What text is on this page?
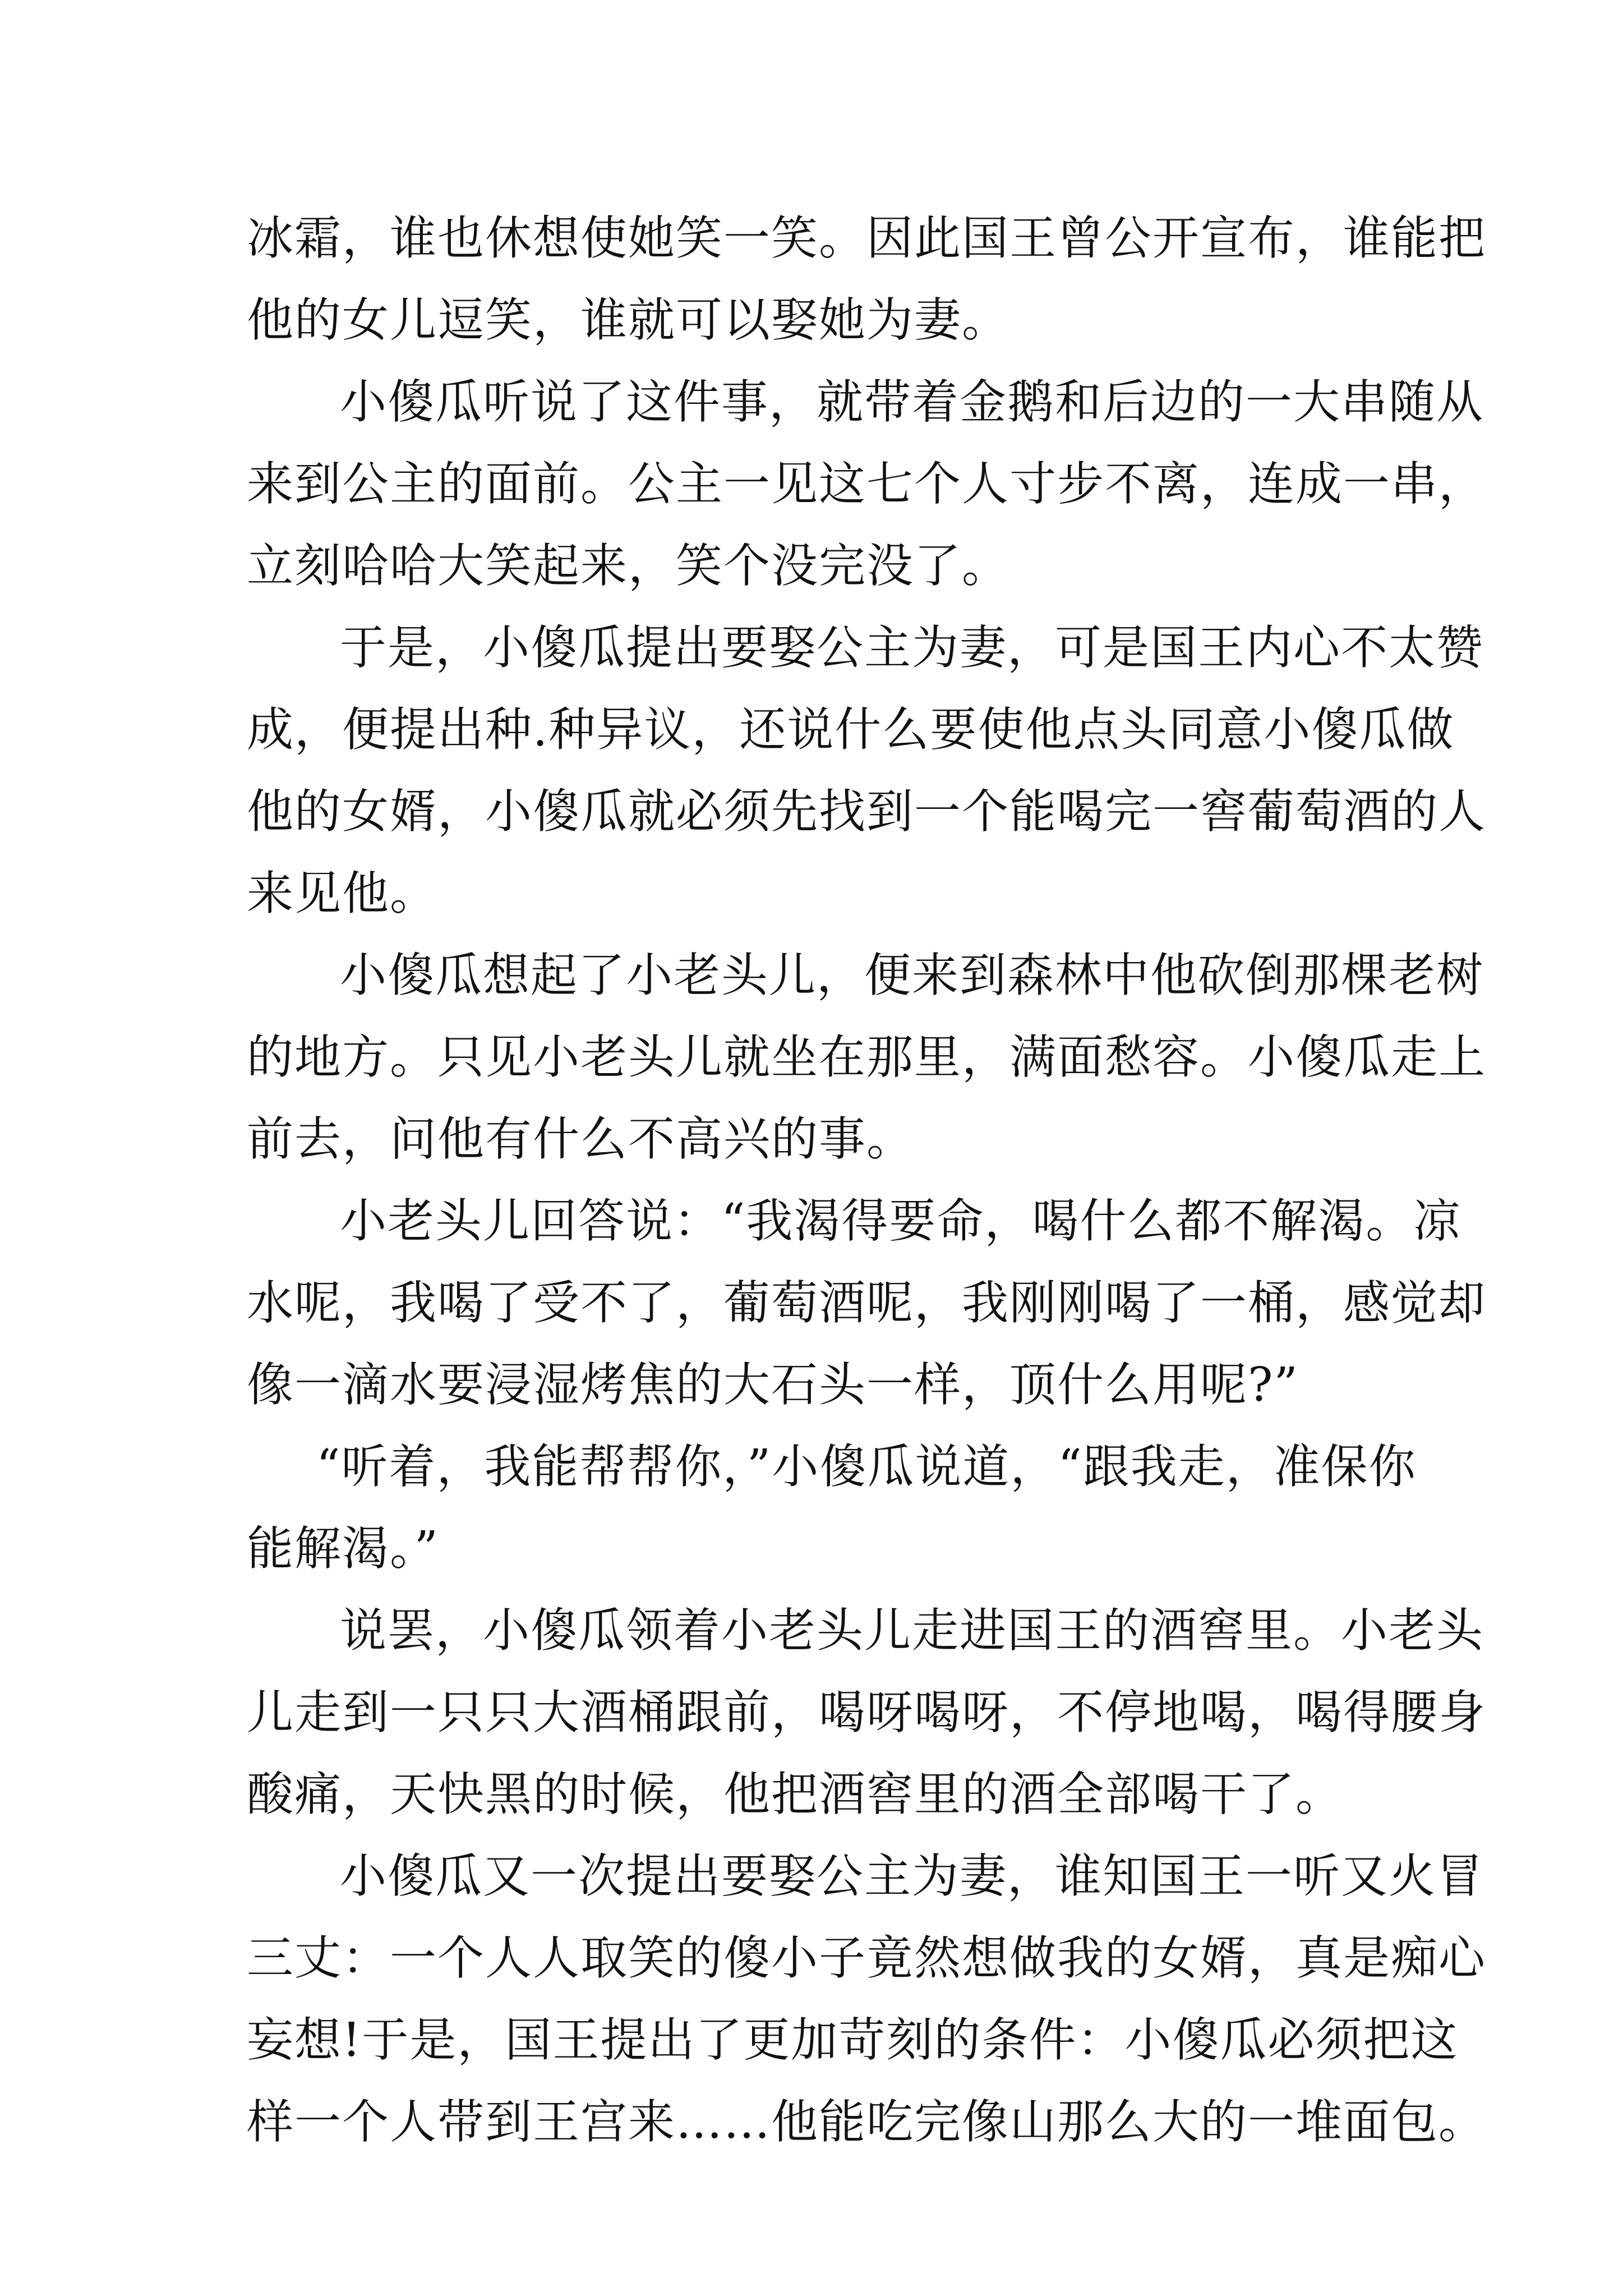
冰霜，谁也休想使她笑一笑。因此国王曾公开宣布，谁能把
他的女儿逗笑，谁就可以娶她为妻。
小傻瓜听说了这件事，就带着金鹅和后边的一大串随从
来到公主的面前。公主一见这七个人寸步不离，连成一串，
立刻哈哈大笑起来，笑个没完没了。
于是，小傻瓜提出要娶公主为妻，可是国王内心不太赞
成，便提出种.种异议，还说什么要使他点头同意小傻瓜做
他的女婿，小傻瓜就必须先找到一个能喝完一窖葡萄酒的人
来见他。
小傻瓜想起了小老头儿，便来到森林中他砍倒那棵老树
的地方。只见小老头儿就坐在那里，满面愁容。小傻瓜走上
前去，问他有什么不高兴的事。
小老头儿回答说：“我渴得要命，喝什么都不解渴。凉
水呢，我喝了受不了，葡萄酒呢，我刚刚喝了一桶，感觉却
像一滴水要浸湿烤焦的大石头一样，顶什么用呢?”
“听着，我能帮帮你，”小傻瓜说道，“跟我走，准保你
能解渴。”
说罢，小傻瓜领着小老头儿走进国王的酒窖里。小老头
儿走到一只只大酒桶跟前，喝呀喝呀，不停地喝，喝得腰身
酸痛，天快黑的时候，他把酒窖里的酒全部喝干了。
小傻瓜又一次提出要娶公主为妻，谁知国王一听又火冒
三丈：一个人人取笑的傻小子竟然想做我的女婿，真是痴心
妄想!于是，国王提出了更加苛刻的条件：小傻瓜必须把这
样一个人带到王宫来……他能吃完像山那么大的一堆面包。
